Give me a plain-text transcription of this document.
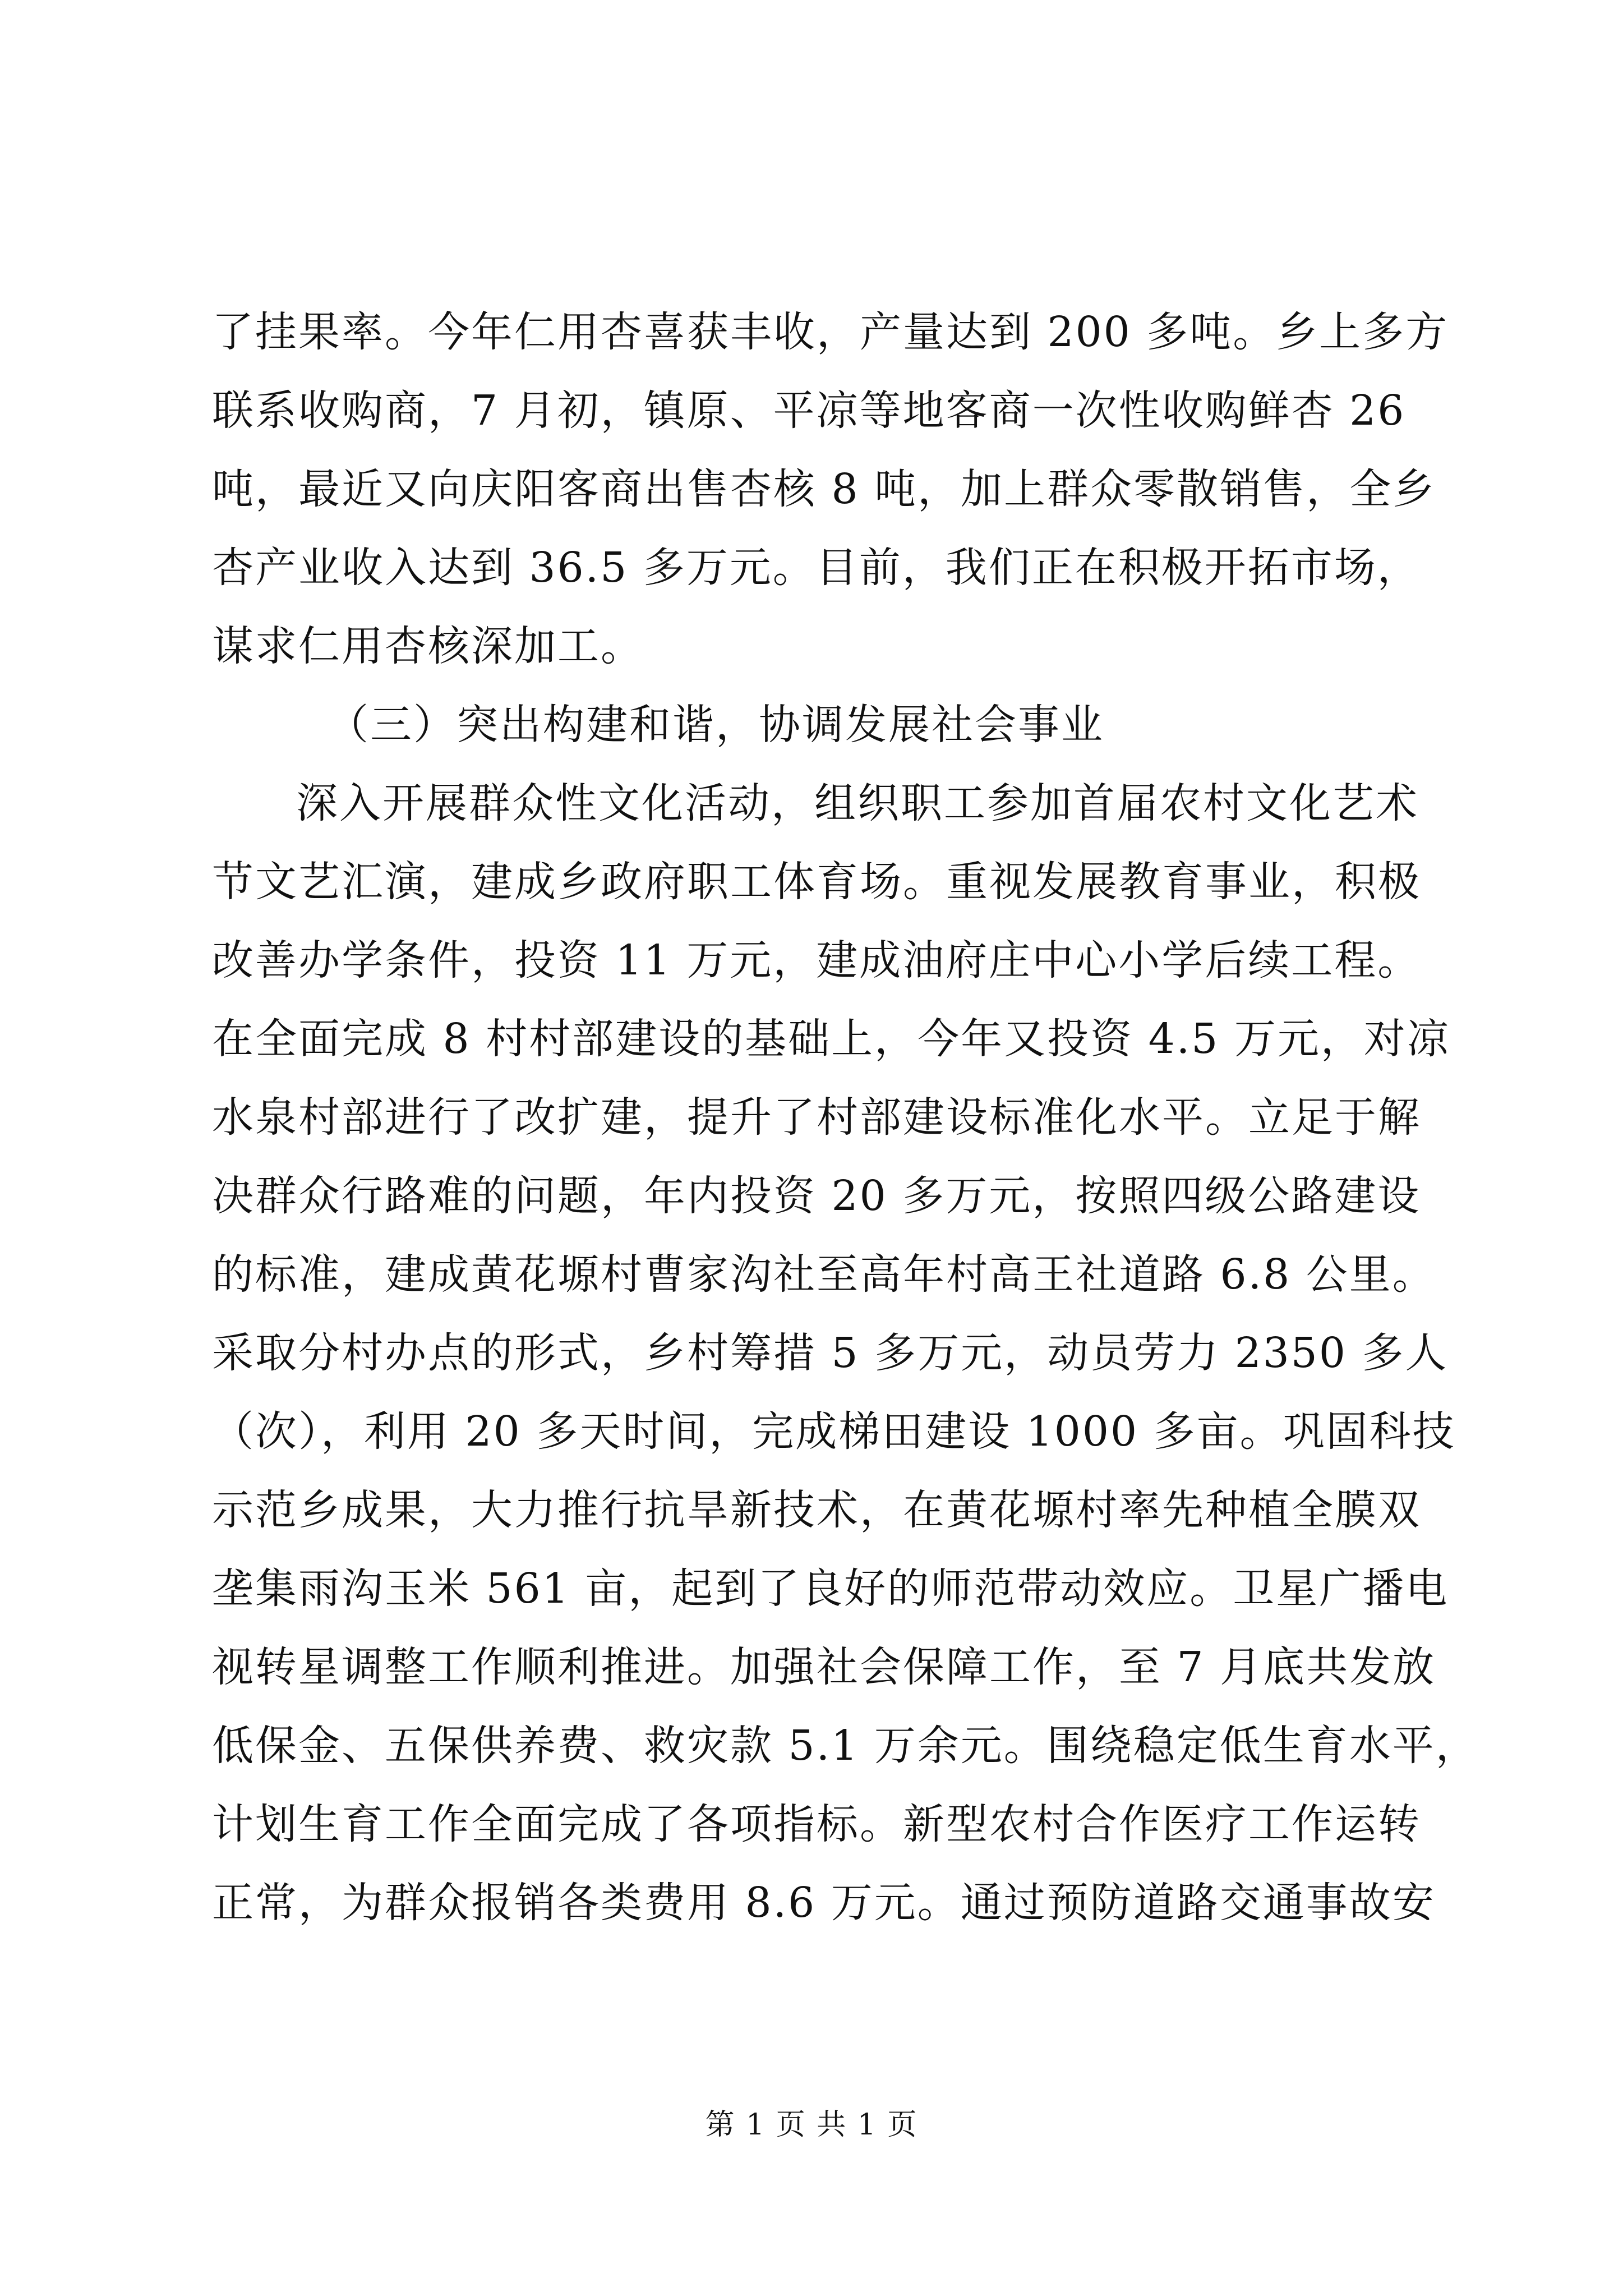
了挂果率。今年仁用杏喜获丰收，产量达到 200 多吨。乡上多方
联系收购商，7 月初，镇原、平凉等地客商一次性收购鲜杏 26
吨，最近又向庆阳客商出售杏核 8 吨，加上群众零散销售，全乡
杏产业收入达到 36.5 多万元。目前，我们正在积极开拓市场，
谋求仁用杏核深加工。
（三）突出构建和谐，协调发展社会事业
深入开展群众性文化活动，组织职工参加首届农村文化艺术
节文艺汇演，建成乡政府职工体育场。重视发展教育事业，积极
改善办学条件，投资 11 万元，建成油府庄中心小学后续工程。
在全面完成 8 村村部建设的基础上，今年又投资 4.5 万元，对凉
水泉村部进行了改扩建，提升了村部建设标准化水平。立足于解
决群众行路难的问题，年内投资 20 多万元，按照四级公路建设
的标准，建成黄花塬村曹家沟社至高年村高王社道路 6.8 公里。
采取分村办点的形式，乡村筹措 5 多万元，动员劳力 2350 多人
（次），利用 20 多天时间，完成梯田建设 1000 多亩。巩固科技
示范乡成果，大力推行抗旱新技术，在黄花塬村率先种植全膜双
垄集雨沟玉米 561 亩，起到了良好的师范带动效应。卫星广播电
视转星调整工作顺利推进。加强社会保障工作，至 7 月底共发放
低保金、五保供养费、救灾款 5.1 万余元。围绕稳定低生育水平，
计划生育工作全面完成了各项指标。新型农村合作医疗工作运转
正常，为群众报销各类费用 8.6 万元。通过预防道路交通事故安
第 1 页 共 1 页
